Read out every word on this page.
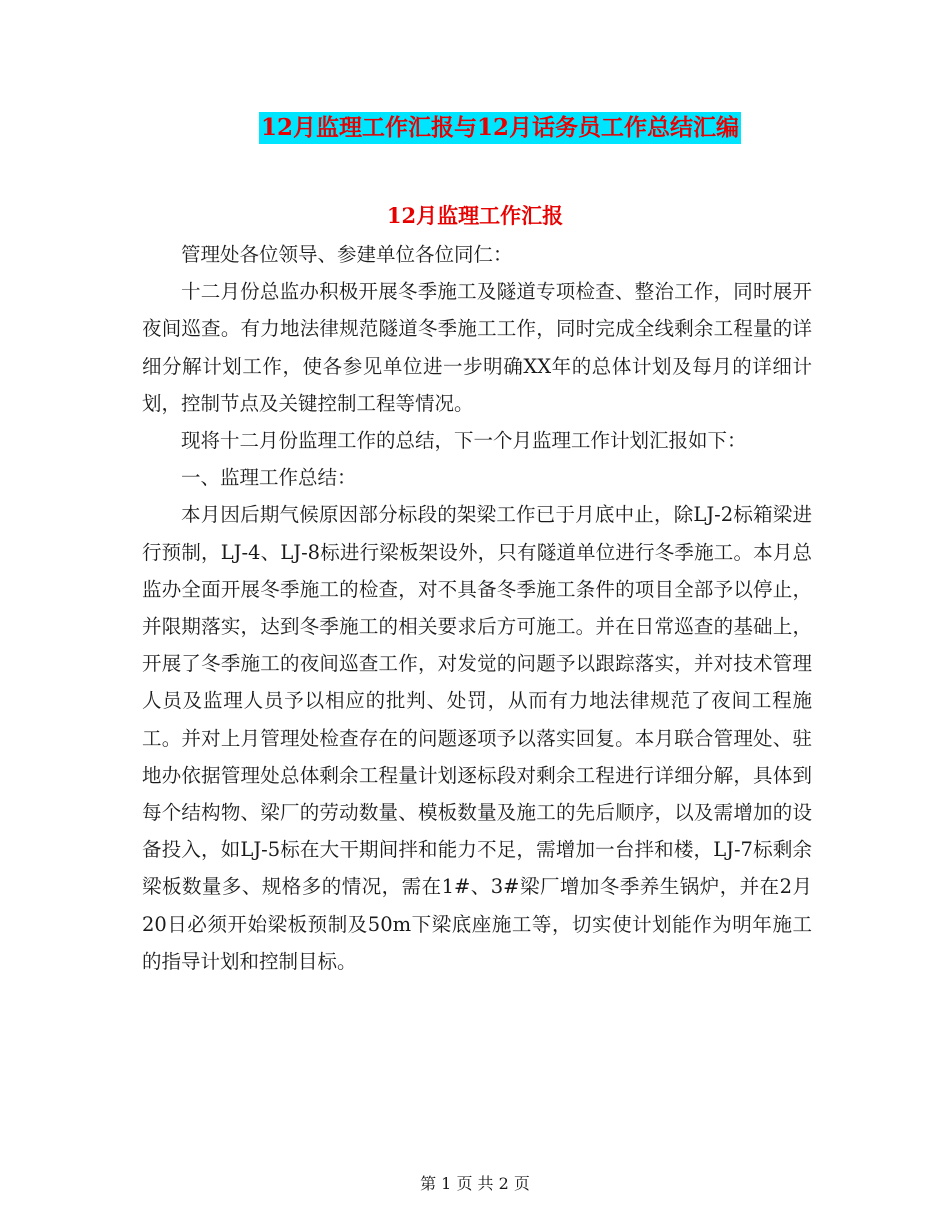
12月监理工作汇报与12月话务员工作总结汇编
12月监理工作汇报

管理处各位领导、参建单位各位同仁：

十二月份总监办积极开展冬季施工及隧道专项检查、整治工作，同时展开夜间巡查。有力地法律规范隧道冬季施工工作，同时完成全线剩余工程量的详细分解计划工作，使各参见单位进一步明确XX年的总体计划及每月的详细计划，控制节点及关键控制工程等情况。

现将十二月份监理工作的总结，下一个月监理工作计划汇报如下：

一、监理工作总结：

本月因后期气候原因部分标段的架梁工作已于月底中止，除LJ-2标箱梁进行预制，LJ-4、LJ-8标进行梁板架设外，只有隧道单位进行冬季施工。本月总监办全面开展冬季施工的检查，对不具备冬季施工条件的项目全部予以停止，并限期落实，达到冬季施工的相关要求后方可施工。并在日常巡查的基础上，开展了冬季施工的夜间巡查工作，对发觉的问题予以跟踪落实，并对技术管理人员及监理人员予以相应的批判、处罚，从而有力地法律规范了夜间工程施工。并对上月管理处检查存在的问题逐项予以落实回复。本月联合管理处、驻地办依据管理处总体剩余工程量计划逐标段对剩余工程进行详细分解，具体到每个结构物、梁厂的劳动数量、模板数量及施工的先后顺序，以及需增加的设备投入，如LJ-5标在大干期间拌和能力不足，需增加一台拌和楼，LJ-7标剩余梁板数量多、规格多的情况，需在1#、3#梁厂增加冬季养生锅炉，并在2月20日必须开始梁板预制及50m下梁底座施工等，切实使计划能作为明年施工的指导计划和控制目标。

第 1 页 共 2 页
